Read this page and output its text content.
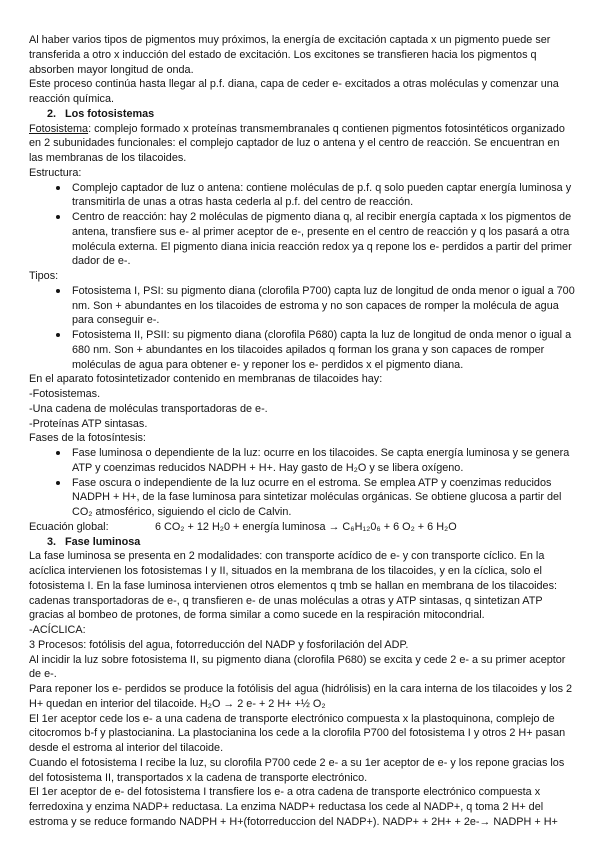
Al haber varios tipos de pigmentos muy próximos, la energía de excitación captada x un pigmento puede ser transferida a otro x inducción del estado de excitación. Los excitones se transfieren hacia los pigmentos q absorben mayor longitud de onda.

Este proceso continúa hasta llegar al p.f. diana, capa de ceder e- excitados a otras moléculas y comenzar una reacción química.

2. Los fotosistemas

Fotosistema: complejo formado x proteínas transmembranales q contienen pigmentos fotosintéticos organizado en 2 subunidades funcionales: el complejo captador de luz o antena y el centro de reacción. Se encuentran en las membranas de los tilacoides.

Estructura:

Complejo captador de luz o antena: contiene moléculas de p.f. q solo pueden captar energía luminosa y transmitirla de unas a otras hasta cederla al p.f. del centro de reacción.
Centro de reacción: hay 2 moléculas de pigmento diana q, al recibir energía captada x los pigmentos de antena, transfiere sus e- al primer aceptor de e-, presente en el centro de reacción y q los pasará a otra molécula externa. El pigmento diana inicia reacción redox ya q repone los e- perdidos a partir del primer dador de e-.

Tipos:

Fotosistema I, PSI: su pigmento diana (clorofila P700) capta luz de longitud de onda menor o igual a 700 nm. Son + abundantes en los tilacoides de estroma y no son capaces de romper la molécula de agua para conseguir e-.
Fotosistema II, PSII: su pigmento diana (clorofila P680) capta la luz de longitud de onda menor o igual a 680 nm. Son + abundantes en los tilacoides apilados q forman los grana y son capaces de romper moléculas de agua para obtener e- y reponer los e- perdidos x el pigmento diana.

En el aparato fotosintetizador contenido en membranas de tilacoides hay:

-Fotosistemas.

-Una cadena de moléculas transportadoras de e-.

-Proteínas ATP sintasas.

Fases de la fotosíntesis:

Fase luminosa o dependiente de la luz: ocurre en los tilacoides. Se capta energía luminosa y se genera ATP y coenzimas reducidos NADPH + H+. Hay gasto de H₂O y se libera oxígeno.
Fase oscura o independiente de la luz ocurre en el estroma. Se emplea ATP y coenzimas reducidos NADPH + H+, de la fase luminosa para sintetizar moléculas orgánicas. Se obtiene glucosa a partir del CO₂ atmosférico, siguiendo el ciclo de Calvin.

Ecuación global:	6 CO₂ + 12 H₂0 + energía luminosa → C₆H₁₂0₆ + 6 O₂ + 6 H₂O

3. Fase luminosa

La fase luminosa se presenta en 2 modalidades: con transporte acídico de e- y con transporte cíclico. En la acíclica intervienen los fotosistemas I y II, situados en la membrana de los tilacoides, y en la cíclica, solo el fotosistema I. En la fase luminosa intervienen otros elementos q tmb se hallan en membrana de los tilacoides: cadenas transportadoras de e-, q transfieren e- de unas moléculas a otras y ATP sintasas, q sintetizan ATP gracias al bombeo de protones, de forma similar a como sucede en la respiración mitocondrial.

-ACÍCLICA:

3 Procesos: fotólisis del agua, fotorreducción del NADP y fosforilación del ADP.

Al incidir la luz sobre fotosistema II, su pigmento diana (clorofila P680) se excita y cede 2 e- a su primer aceptor de e-.

Para reponer los e- perdidos se produce la fotólisis del agua (hidrólisis) en la cara interna de los tilacoides y los 2 H+ quedan en interior del tilacoide. H₂O → 2 e- + 2 H+ +½ O₂

El 1er aceptor cede los e- a una cadena de transporte electrónico compuesta x la plastoquinona, complejo de citocromos b-f y plastocianina. La plastocianina los cede a la clorofila P700 del fotosistema I y otros 2 H+ pasan desde el estroma al interior del tilacoide.

Cuando el fotosistema I recibe la luz, su clorofila P700 cede 2 e- a su 1er aceptor de e- y los repone gracias los del fotosistema II, transportados x la cadena de transporte electrónico.

El 1er aceptor de e- del fotosistema I transfiere los e- a otra cadena de transporte electrónico compuesta x ferredoxina y enzima NADP+ reductasa. La enzima NADP+ reductasa los cede al NADP+, q toma 2 H+ del estroma y se reduce formando NADPH + H+(fotorreduccion del NADP+). NADP+ + 2H+ + 2e-→ NADPH + H+
